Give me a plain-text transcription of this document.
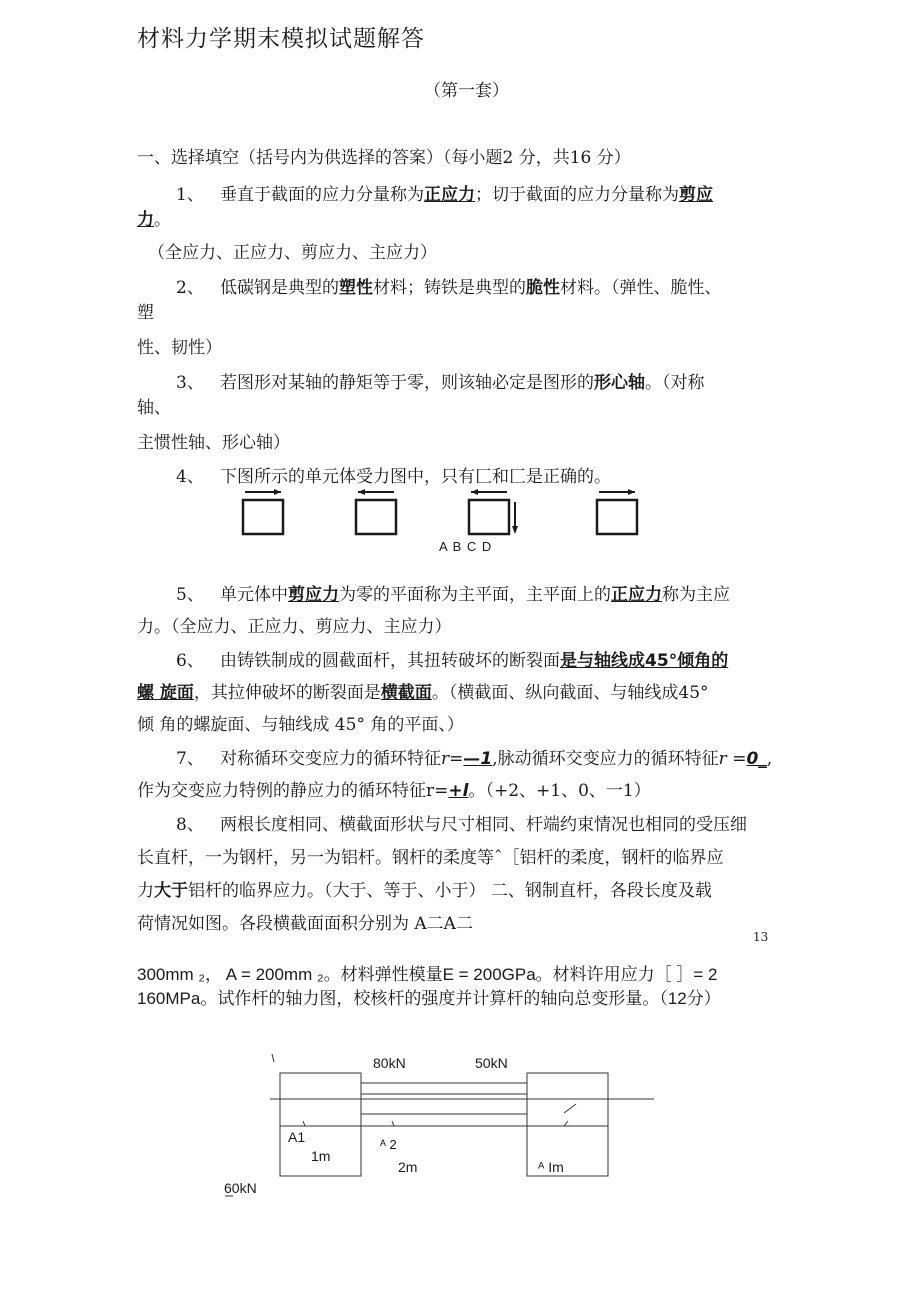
材料力学期末模拟试题解答
（第一套）
一、选择填空（括号内为供选择的答案）（每小题2 分，共16 分）
1、 垂直于截面的应力分量称为正应力；切于截面的应力分量称为剪应
力。
（全应力、正应力、剪应力、主应力）
2、 低碳钢是典型的塑性材料；铸铁是典型的脆性材料。（弹性、脆性、
塑
性、韧性）
3、 若图形对某轴的静矩等于零，则该轴必定是图形的形心轴。（对称
轴、
主惯性轴、形心轴）
4、 下图所示的单元体受力图中，只有匚和匚是正确的。
A B C D
5、 单元体中剪应力为零的平面称为主平面，主平面上的正应力称为主应
力。（全应力、正应力、剪应力、主应力）
6、 由铸铁制成的圆截面杆，其扭转破坏的断裂面是与轴线成45°倾角的
螺 旋面，其拉伸破坏的断裂面是横截面。（横截面、纵向截面、与轴线成45°
倾 角的螺旋面、与轴线成 45° 角的平面、）
7、 对称循环交变应力的循环特征r=—1,脉动循环交变应力的循环特征r =0_,
作为交变应力特例的静应力的循环特征r=+l。（+2、+1、0、一1）
8、 两根长度相同、横截面形状与尺寸相同、杆端约束情况也相同的受压细
长直杆，一为钢杆，另一为铝杆。钢杆的柔度等ˆ［铝杆的柔度，钢杆的临界应
力大于铝杆的临界应力。（大于、等于、小于） 二、钢制直杆，各段长度及载
荷情况如图。各段横截面面积分别为 A二A二
13
300mm ₂， A = 200mm ₂。材料弹性模量E = 200GPa。材料许用应力［ ］= 2
160MPa。试作杆的轴力图，校核杆的强度并计算杆的轴向总变形量。（12分）
80kN	50kN
A1
1m
ᴬ 2
2m	ᴬ Im
60kN
